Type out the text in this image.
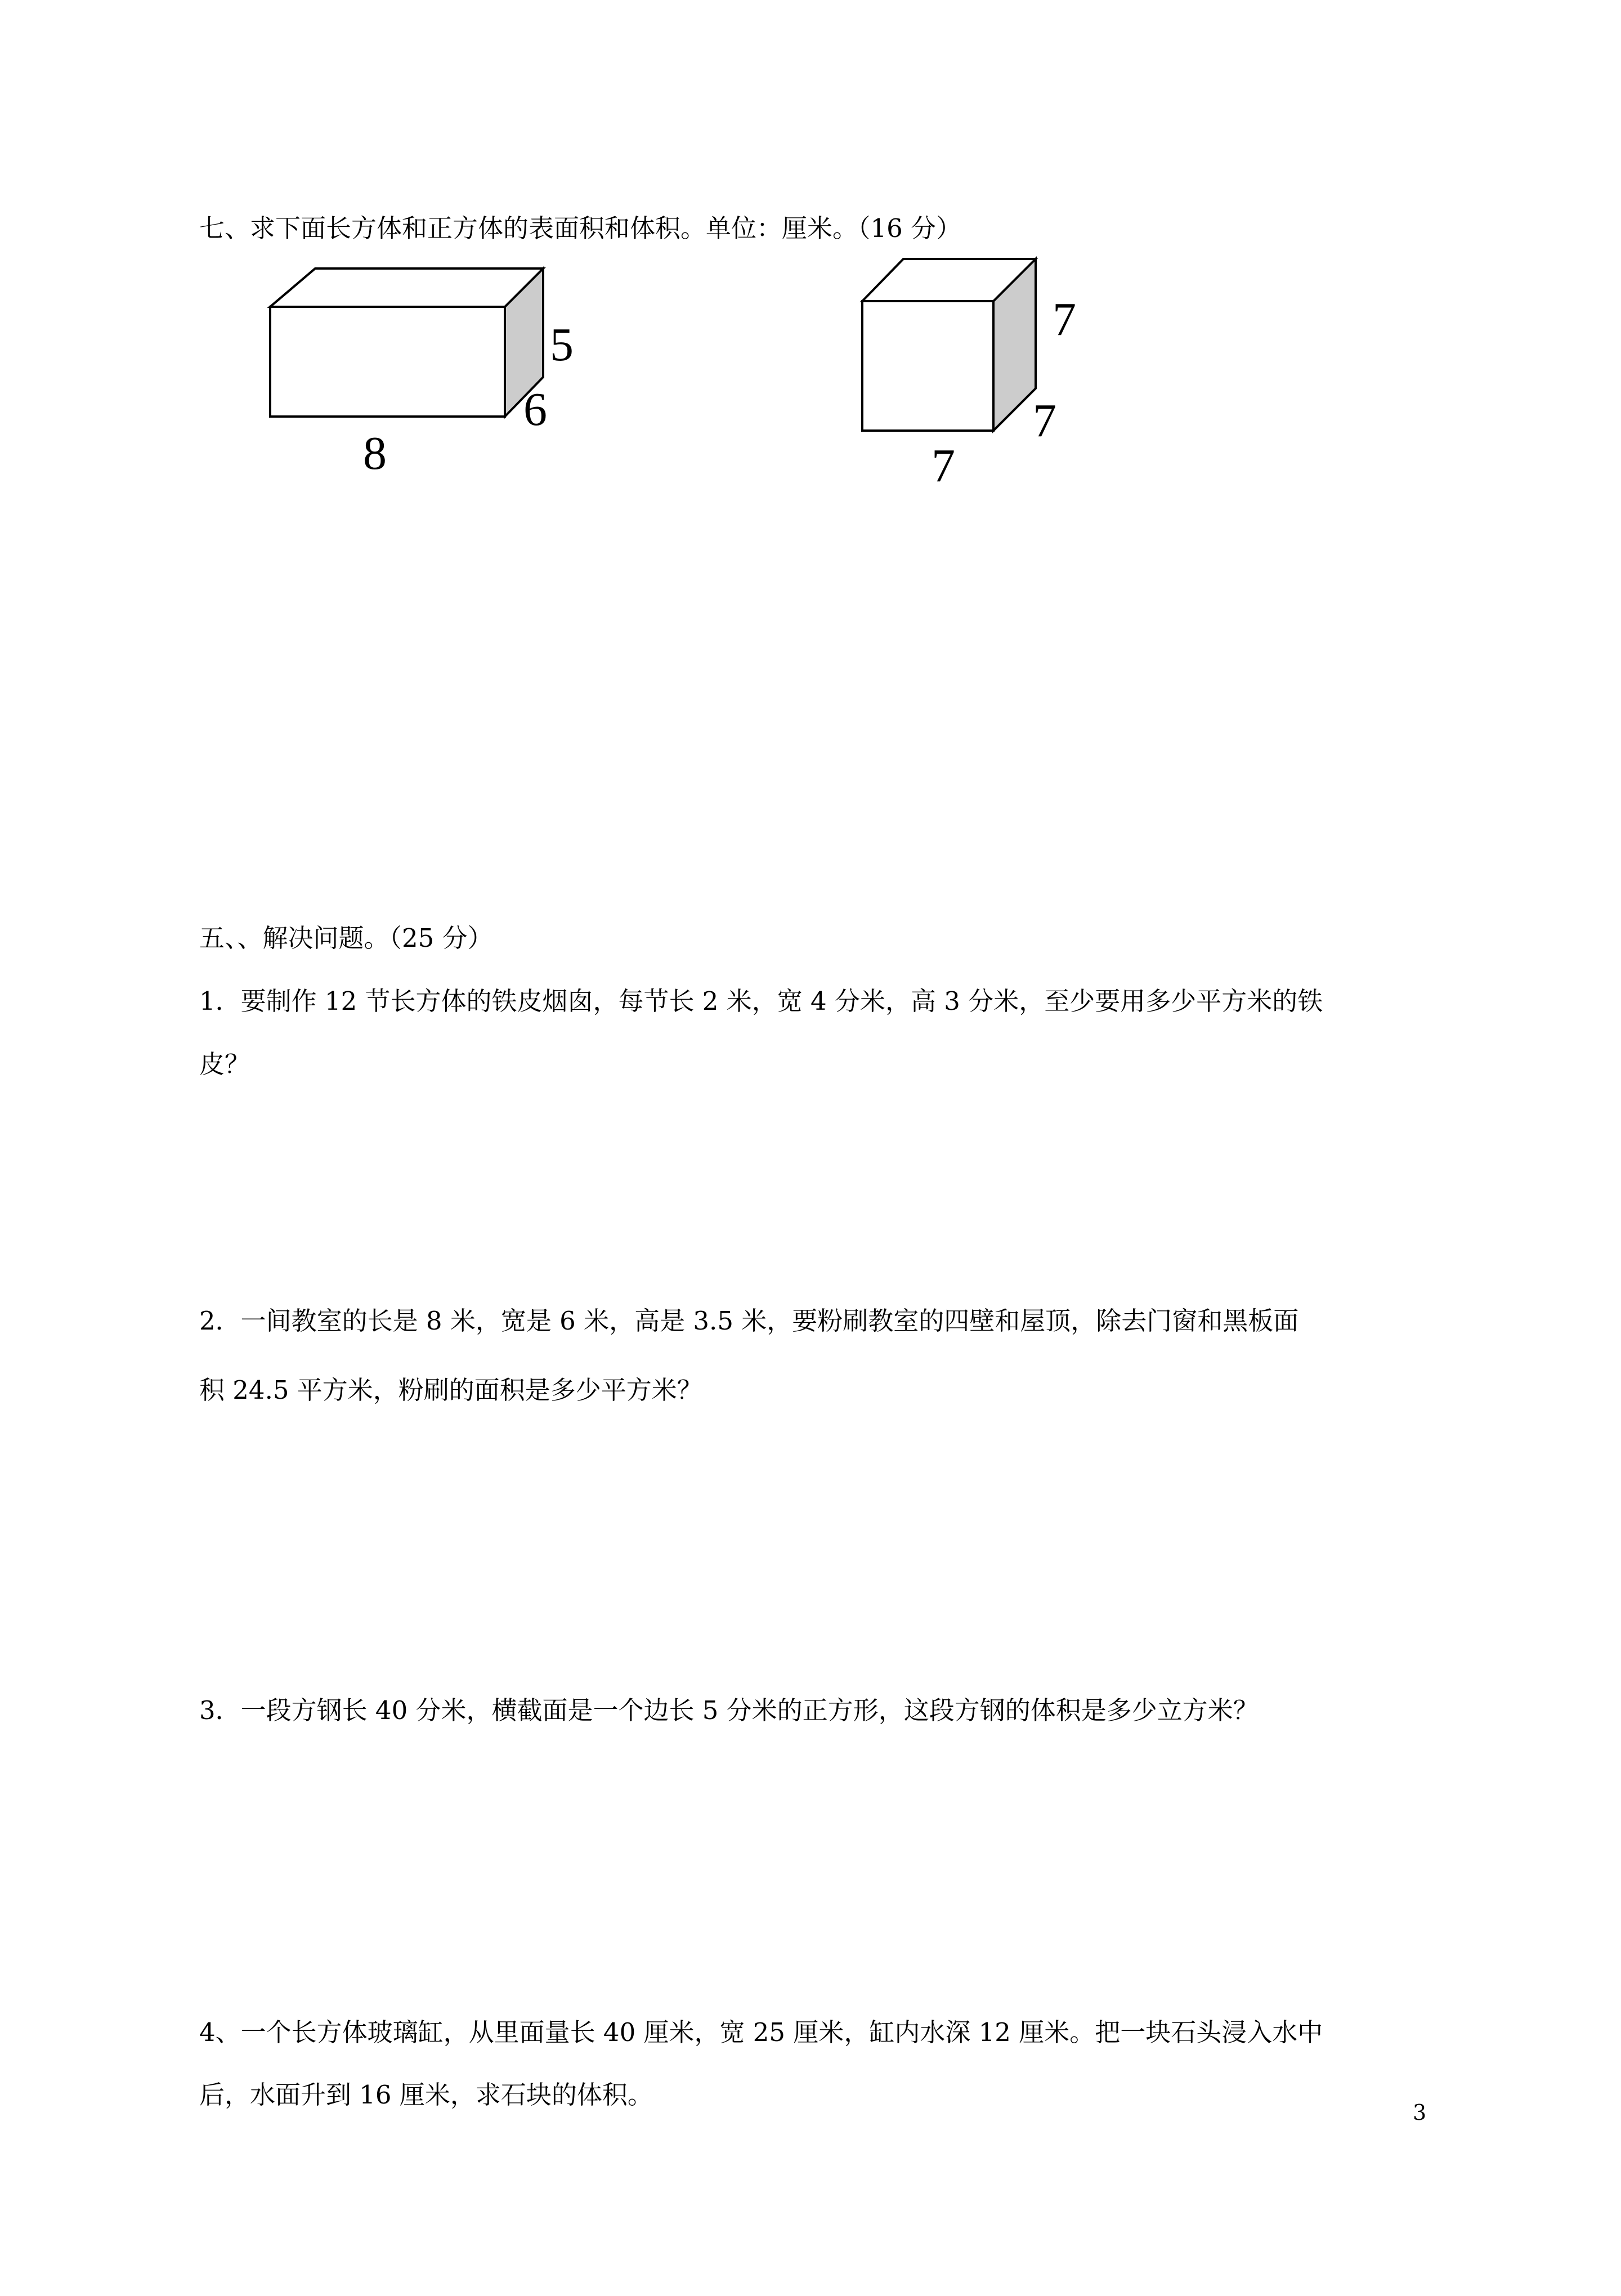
七、求下面长方体和正方体的表面积和体积。单位：厘米。（16 分）
5
6
8
7
7
7
五、、解决问题。（25 分）
1．要制作 12 节长方体的铁皮烟囱，每节长 2 米，宽 4 分米，高 3 分米，至少要用多少平方米的铁
皮？
2．一间教室的长是 8 米，宽是 6 米，高是 3.5 米，要粉刷教室的四壁和屋顶，除去门窗和黑板面
积 24.5 平方米，粉刷的面积是多少平方米？
3．一段方钢长 40 分米，横截面是一个边长 5 分米的正方形，这段方钢的体积是多少立方米？
4、一个长方体玻璃缸，从里面量长 40 厘米，宽 25 厘米，缸内水深 12 厘米。把一块石头浸入水中
后，水面升到 16 厘米，求石块的体积。
3
